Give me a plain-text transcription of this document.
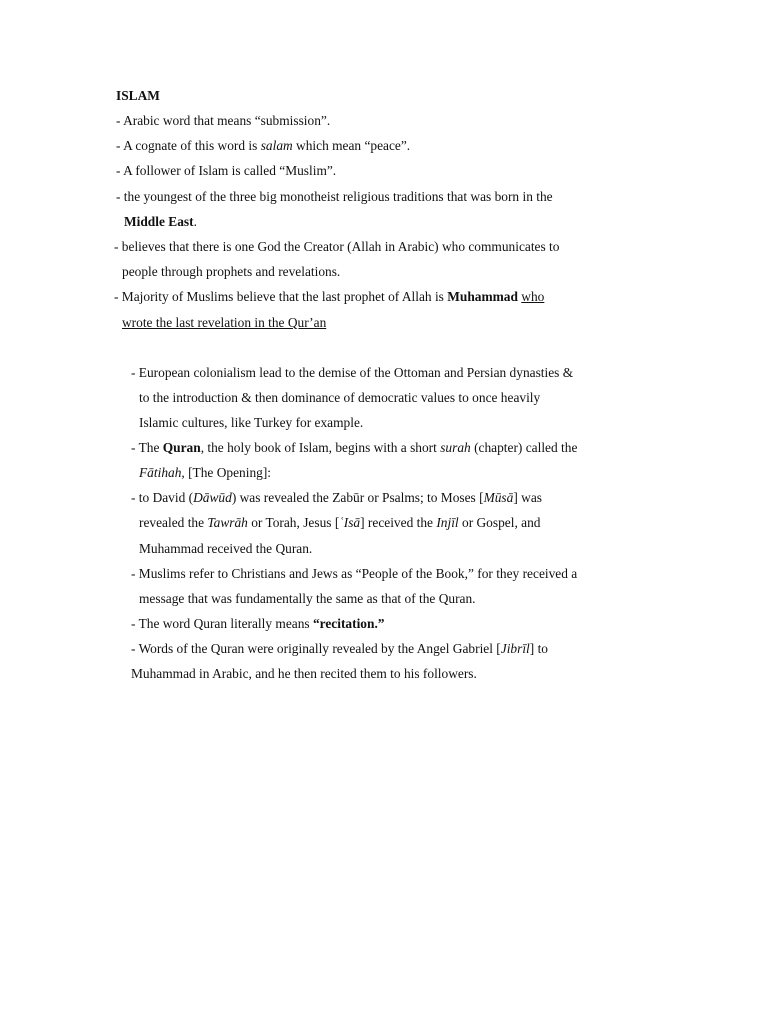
ISLAM
- Arabic word that means “submission”.
- A cognate of this word is salam which mean “peace”.
- A follower of Islam is called “Muslim”.
- the youngest of the three big monotheist religious traditions that was born in the
Middle East.
- believes that there is one God the Creator (Allah in Arabic) who communicates to
people through prophets and revelations.
- Majority of Muslims believe that the last prophet of Allah is Muhammad who
wrote the last revelation in the Qur’an
- European colonialism lead to the demise of the Ottoman and Persian dynasties &
to the introduction & then dominance of democratic values to once heavily
Islamic cultures, like Turkey for example.
- The Quran, the holy book of Islam, begins with a short surah (chapter) called the
Fātihah, [The Opening]:
- to David (Dāwūd) was revealed the Zabūr or Psalms; to Moses [Mūsā] was
revealed the Tawrāh or Torah, Jesus [ʿIsā] received the Injīl or Gospel, and
Muhammad received the Quran.
- Muslims refer to Christians and Jews as “People of the Book,” for they received a
message that was fundamentally the same as that of the Quran.
- The word Quran literally means “recitation.”
- Words of the Quran were originally revealed by the Angel Gabriel [Jibrīl] to
Muhammad in Arabic, and he then recited them to his followers.
